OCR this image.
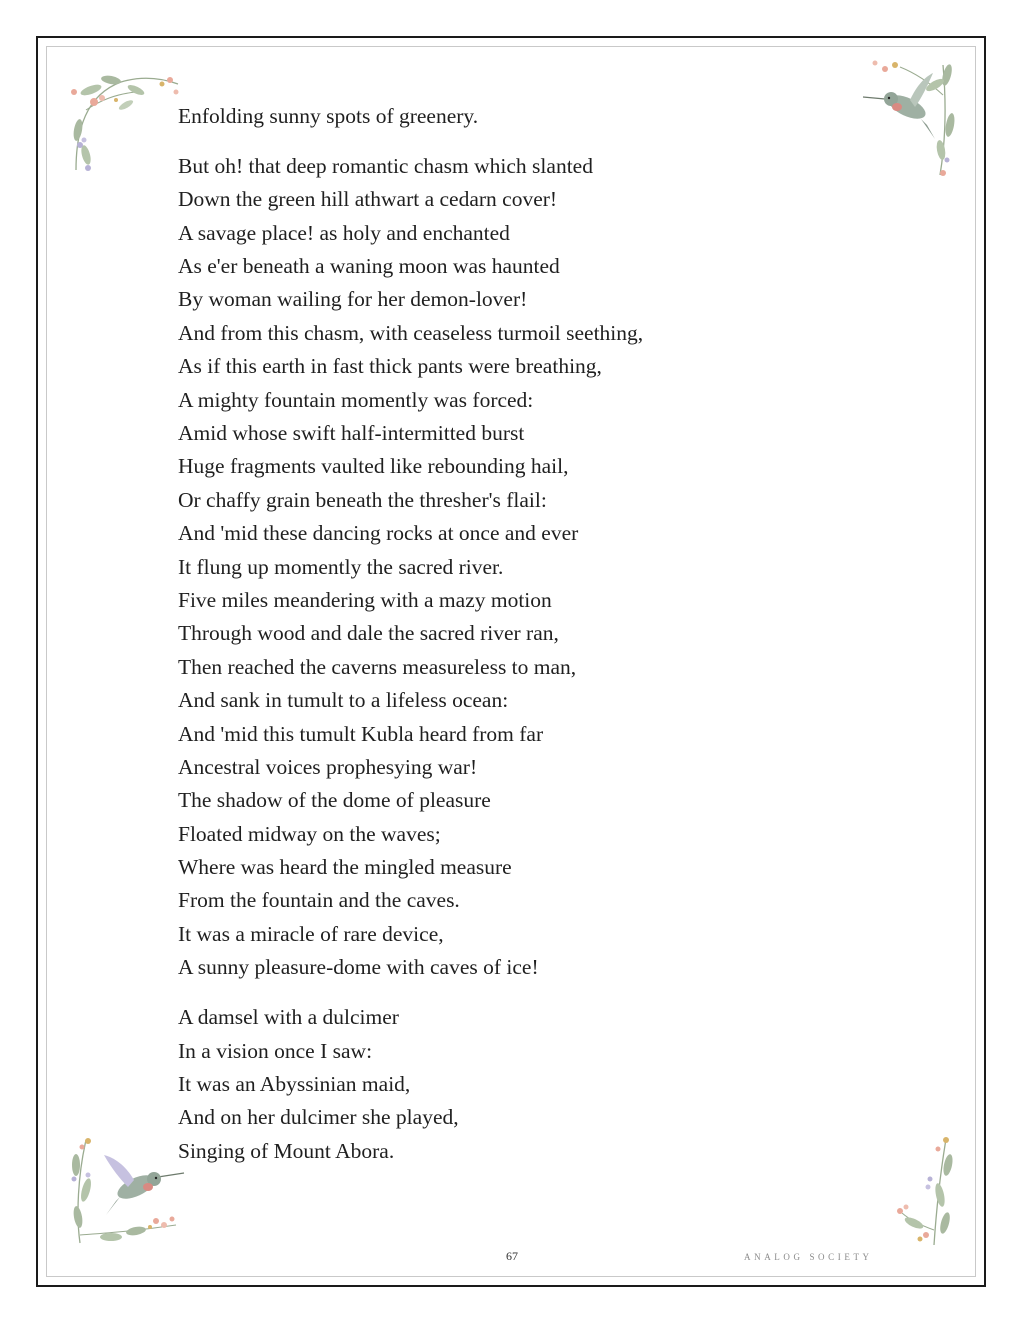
Enfolding sunny spots of greenery.
But oh! that deep romantic chasm which slanted
Down the green hill athwart a cedarn cover!
A savage place! as holy and enchanted
As e'er beneath a waning moon was haunted
By woman wailing for her demon-lover!
And from this chasm, with ceaseless turmoil seething,
As if this earth in fast thick pants were breathing,
A mighty fountain momently was forced:
Amid whose swift half-intermitted burst
Huge fragments vaulted like rebounding hail,
Or chaffy grain beneath the thresher's flail:
And 'mid these dancing rocks at once and ever
It flung up momently the sacred river.
Five miles meandering with a mazy motion
Through wood and dale the sacred river ran,
Then reached the caverns measureless to man,
And sank in tumult to a lifeless ocean:
And 'mid this tumult Kubla heard from far
Ancestral voices prophesying war!
The shadow of the dome of pleasure
Floated midway on the waves;
Where was heard the mingled measure
From the fountain and the caves.
It was a miracle of rare device,
A sunny pleasure-dome with caves of ice!
A damsel with a dulcimer
In a vision once I saw:
It was an Abyssinian maid,
And on her dulcimer she played,
Singing of Mount Abora.
67	ANALOG SOCIETY
